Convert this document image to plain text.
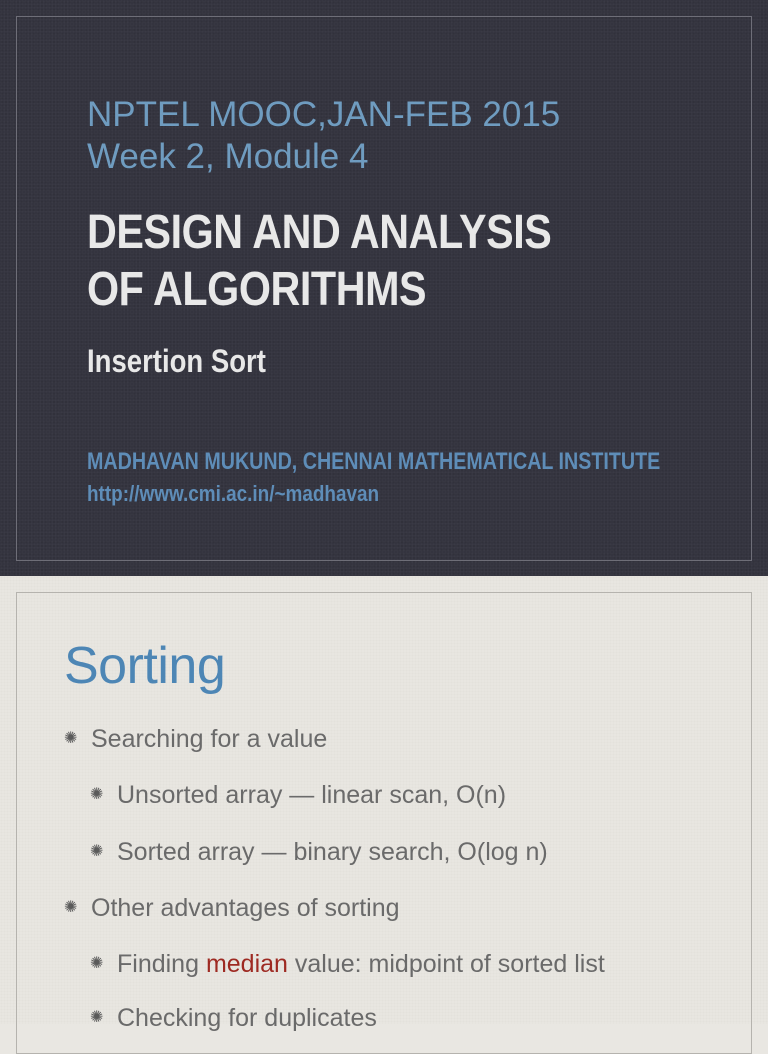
NPTEL MOOC,JAN-FEB 2015
Week 2, Module 4
DESIGN AND ANALYSIS
OF ALGORITHMS
Insertion Sort
MADHAVAN MUKUND, CHENNAI MATHEMATICAL INSTITUTE
http://www.cmi.ac.in/~madhavan
Sorting
✺ Searching for a value
✺ Unsorted array — linear scan, O(n)
✺ Sorted array — binary search, O(log n)
✺ Other advantages of sorting
✺ Finding median value: midpoint of sorted list
✺ Checking for duplicates
